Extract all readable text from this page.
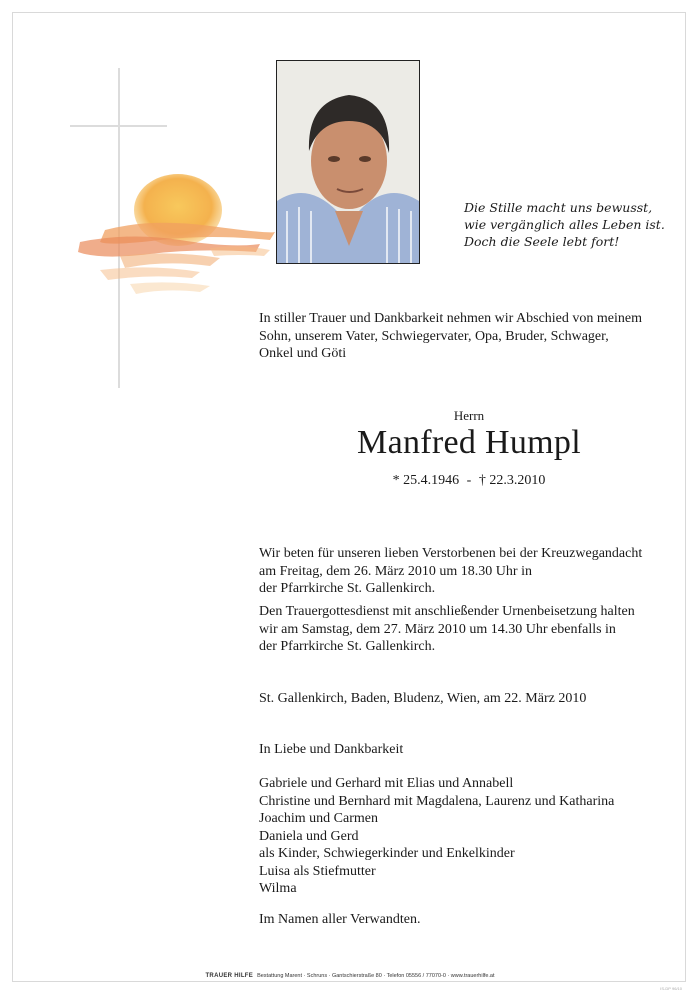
Die Stille macht uns bewusst,
wie vergänglich alles Leben ist.
Doch die Seele lebt fort!
In stiller Trauer und Dankbarkeit nehmen wir Abschied von meinem
Sohn, unserem Vater, Schwiegervater, Opa, Bruder, Schwager,
Onkel und Göti
Herrn
Manfred Humpl
* 25.4.1946 - † 22.3.2010
Wir beten für unseren lieben Verstorbenen bei der Kreuzwegandacht
am Freitag, dem 26. März 2010 um 18.30 Uhr in
der Pfarrkirche St. Gallenkirch.
Den Trauergottesdienst mit anschließender Urnenbeisetzung halten
wir am Samstag, dem 27. März 2010 um 14.30 Uhr ebenfalls in
der Pfarrkirche St. Gallenkirch.
St. Gallenkirch, Baden, Bludenz, Wien, am 22. März 2010
In Liebe und Dankbarkeit
Gabriele und Gerhard mit Elias und Annabell
Christine und Bernhard mit Magdalena, Laurenz und Katharina
Joachim und Carmen
Daniela und Gerd
als Kinder, Schwiegerkinder und Enkelkinder
Luisa als Stiefmutter
Wilma
Im Namen aller Verwandten.
TRAUER HILFE Bestattung Marent · Schruns · Gantschierstraße 80 · Telefon 05556 / 77070-0 · www.trauerhilfe.at
IS-DP 96/10
